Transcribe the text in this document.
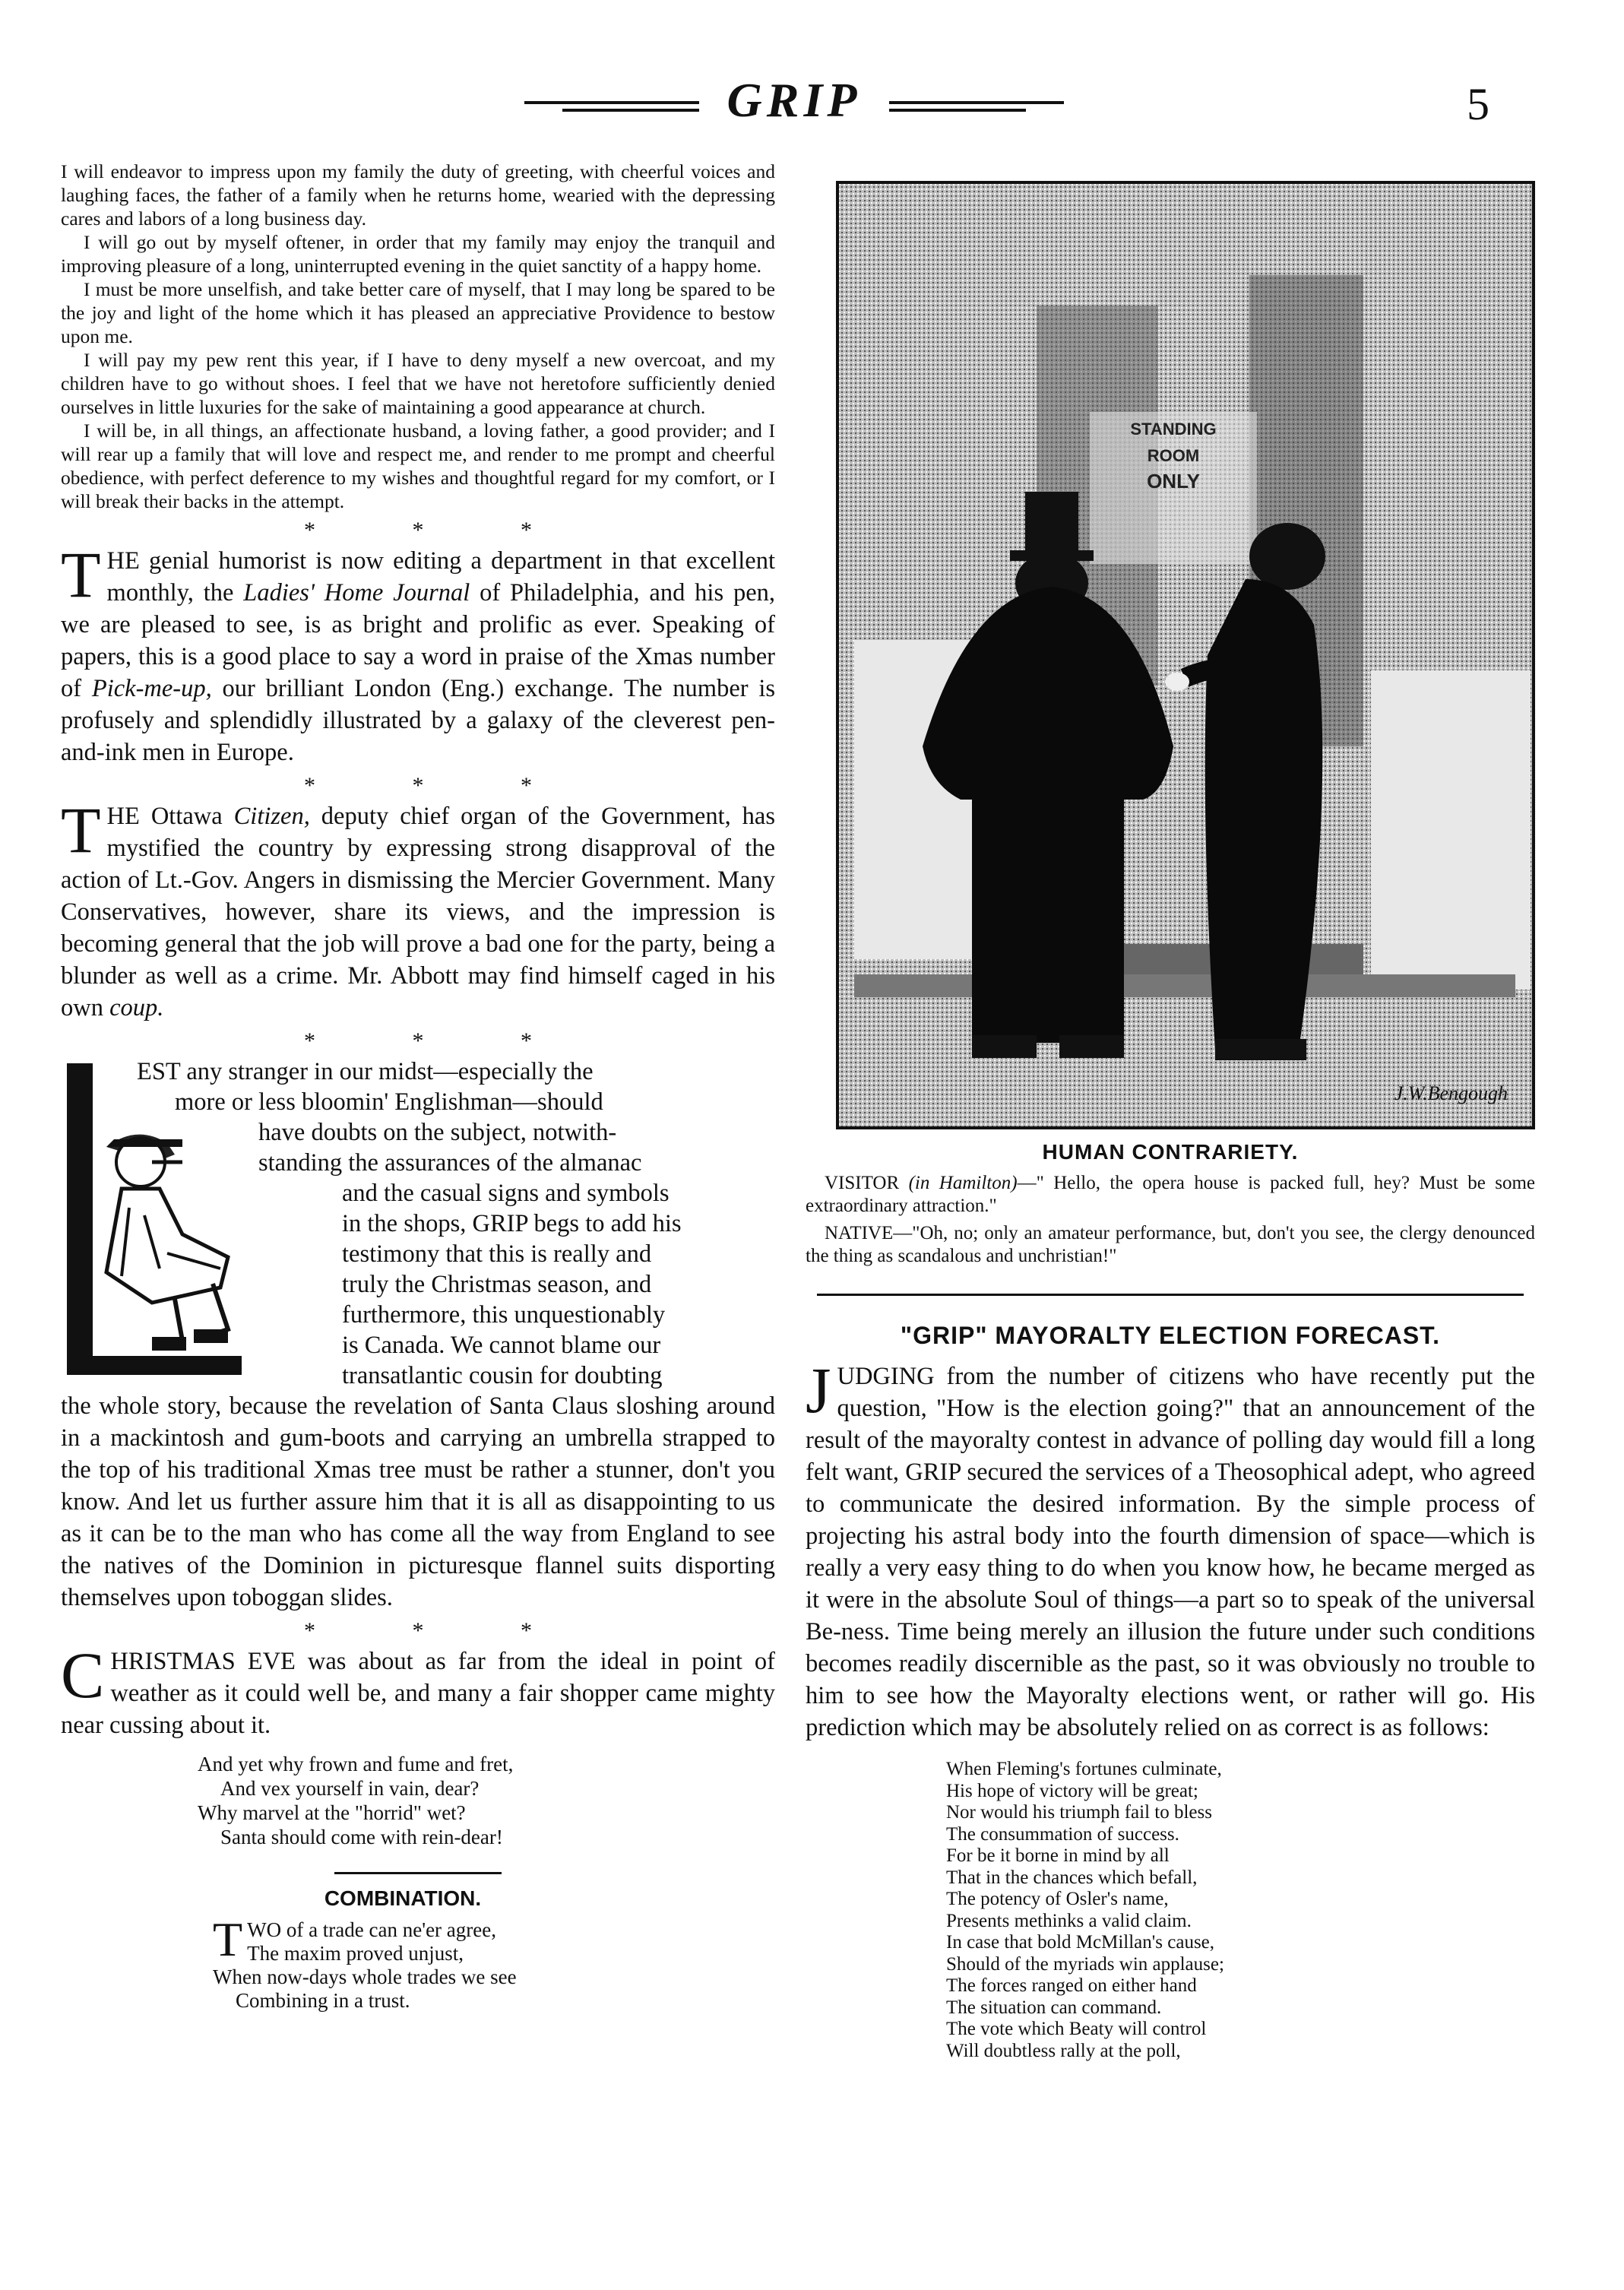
GRIP	5

I will endeavor to impress upon my family the duty of greeting, with cheerful voices and laughing faces, the father of a family when he returns home, wearied with the depressing cares and labors of a long business day.

I will go out by myself oftener, in order that my family may enjoy the tranquil and improving pleasure of a long, uninterrupted evening in the quiet sanctity of a happy home.

I must be more unselfish, and take better care of myself, that I may long be spared to be the joy and light of the home which it has pleased an appreciative Providence to bestow upon me.

I will pay my pew rent this year, if I have to deny myself a new overcoat, and my children have to go without shoes. I feel that we have not heretofore sufficiently denied ourselves in little luxuries for the sake of maintaining a good appearance at church.

I will be, in all things, an affectionate husband, a loving father, a good provider; and I will rear up a family that will love and respect me, and render to me prompt and cheerful obedience, with perfect deference to my wishes and thoughtful regard for my comfort, or I will break their backs in the attempt.

* * *
T HE genial humorist is now editing a department in that excellent monthly, the Ladies' Home Journal of Philadelphia, and his pen, we are pleased to see, is as bright and prolific as ever. Speaking of papers, this is a good place to say a word in praise of the Xmas number of Pick-me-up, our brilliant London (Eng.) exchange. The number is profusely and splendidly illustrated by a galaxy of the cleverest pen-and-ink men in Europe.
* * *
T HE Ottawa Citizen, deputy chief organ of the Government, has mystified the country by expressing strong disapproval of the action of Lt.-Gov. Angers in dismissing the Mercier Government. Many Conservatives, however, share its views, and the impression is becoming general that the job will prove a bad one for the party, being a blunder as well as a crime. Mr. Abbott may find himself caged in his own coup.
* * *
EST any stranger in our midst—especially the
more or less bloomin' Englishman—should
have doubts on the subject, notwith-
standing the assurances of the almanac
and the casual signs and symbols
in the shops, GRIP begs to add his
testimony that this is really and
truly the Christmas season, and
furthermore, this unquestionably
is Canada. We cannot blame our
transatlantic cousin for doubting
the whole story, because the revelation of Santa Claus sloshing around in a mackintosh and gum-boots and carrying an umbrella strapped to the top of his traditional Xmas tree must be rather a stunner, don't you know. And let us further assure him that it is all as disappointing to us as it can be to the man who has come all the way from England to see the natives of the Dominion in picturesque flannel suits disporting themselves upon toboggan slides.
* * *
C HRISTMAS EVE was about as far from the ideal in point of weather as it could well be, and many a fair shopper came mighty near cussing about it.
And yet why frown and fume and fret,
And vex yourself in vain, dear?
Why marvel at the "horrid" wet?
Santa should come with rein-dear!
COMBINATION.
T WO of a trade can ne'er agree,
The maxim proved unjust,
When now-days whole trades we see
Combining in a trust.
STANDING
ROOM
ONLY
J.W.Bengough
HUMAN CONTRARIETY.

VISITOR (in Hamilton)—" Hello, the opera house is packed full, hey? Must be some extraordinary attraction."

NATIVE—"Oh, no; only an amateur performance, but, don't you see, the clergy denounced the thing as scandalous and unchristian!"

"GRIP" MAYORALTY ELECTION FORECAST.
J UDGING from the number of citizens who have recently put the question, "How is the election going?" that an announcement of the result of the mayoralty contest in advance of polling day would fill a long felt want, GRIP secured the services of a Theosophical adept, who agreed to communicate the desired information. By the simple process of projecting his astral body into the fourth dimension of space—which is really a very easy thing to do when you know how, he became merged as it were in the absolute Soul of things—a part so to speak of the universal Be-ness. Time being merely an illusion the future under such conditions becomes readily discernible as the past, so it was obviously no trouble to him to see how the Mayoralty elections went, or rather will go. His prediction which may be absolutely relied on as correct is as follows:
When Fleming's fortunes culminate,
His hope of victory will be great;
Nor would his triumph fail to bless
The consummation of success.
For be it borne in mind by all
That in the chances which befall,
The potency of Osler's name,
Presents methinks a valid claim.
In case that bold McMillan's cause,
Should of the myriads win applause;
The forces ranged on either hand
The situation can command.
The vote which Beaty will control
Will doubtless rally at the poll,
